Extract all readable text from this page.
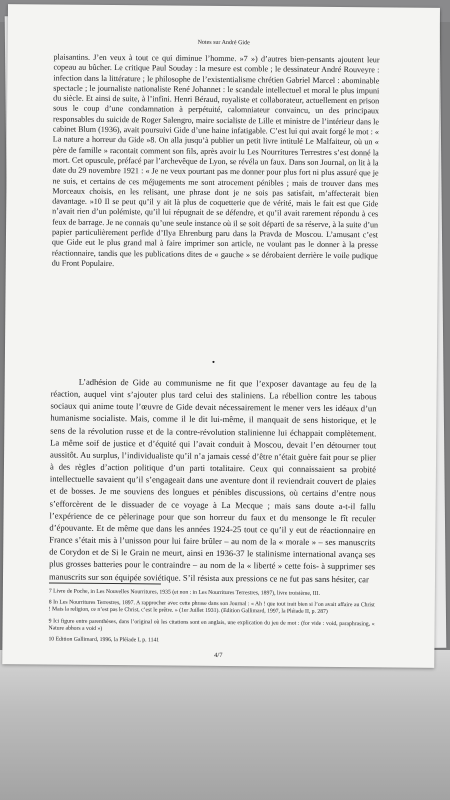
Notes sur André Gide

plaisantins. J’en veux à tout ce qui diminue l’homme. »7 ») d’autres bien-pensants ajoutent leur copeau au bûcher. Le critique Paul Souday : la mesure est comble ; le dessinateur André Rouveyre : infection dans la littérature ; le philosophe de l’existentialisme chrétien Gabriel Marcel : abominable spectacle ; le journaliste nationaliste René Johannet : le scandale intellectuel et moral le plus impuni du siècle. Et ainsi de suite, à l’infini. Henri Béraud, royaliste et collaborateur, actuellement en prison sous le coup d’une condamnation à perpétuité, calomniateur convaincu, un des principaux responsables du suicide de Roger Salengro, maire socialiste de Lille et ministre de l’intérieur dans le cabinet Blum (1936), avait poursuivi Gide d’une haine infatigable. C’est lui qui avait forgé le mot : « La nature a horreur du Gide »8. On alla jusqu’à publier un petit livre intitulé Le Malfaiteur, où un « père de famille » racontait comment son fils, après avoir lu Les Nourritures Terrestres s’est donné la mort. Cet opuscule, préfacé par l’archevêque de Lyon, se révéla un faux. Dans son Journal, on lit à la date du 29 novembre 1921 : « Je ne veux pourtant pas me donner pour plus fort ni plus assuré que je ne suis, et certains de ces méjugements me sont atrocement pénibles ; mais de trouver dans mes Morceaux choisis, en les relisant, une phrase dont je ne sois pas satisfait, m’affecterait bien davantage. »10 Il se peut qu’il y ait là plus de coquetterie que de vérité, mais le fait est que Gide n’avait rien d’un polémiste, qu’il lui répugnait de se défendre, et qu’il avait rarement répondu à ces feux de barrage. Je ne connais qu’une seule instance où il se soit départi de sa réserve, à la suite d’un papier particulièrement perfide d’Ilya Ehrenburg paru dans la Pravda de Moscou. L’amusant c’est que Gide eut le plus grand mal à faire imprimer son article, ne voulant pas le donner à la presse réactionnaire, tandis que les publications dites de « gauche » se dérobaient derrière le voile pudique du Front Populaire.

•

L’adhésion de Gide au communisme ne fit que l’exposer davantage au feu de la réaction, auquel vint s’ajouter plus tard celui des staliniens. La rébellion contre les tabous sociaux qui anime toute l’œuvre de Gide devait nécessairement le mener vers les idéaux d’un humanisme socialiste. Mais, comme il le dit lui-même, il manquait de sens historique, et le sens de la révolution russe et de la contre-révolution stalinienne lui échappait complètement. La même soif de justice et d’équité qui l’avait conduit à Moscou, devait l’en détourner tout aussitôt. Au surplus, l’individualiste qu’il n’a jamais cessé d’être n’était guère fait pour se plier à des règles d’action politique d’un parti totalitaire. Ceux qui connaissaient sa probité intellectuelle savaient qu’il s’engageait dans une aventure dont il reviendrait couvert de plaies et de bosses. Je me souviens des longues et pénibles discussions, où certains d’entre nous s’efforcèrent de le dissuader de ce voyage à La Mecque ; mais sans doute a-t-il fallu l’expérience de ce pèlerinage pour que son horreur du faux et du mensonge le fît reculer d’épouvante. Et de même que dans les années 1924-25 tout ce qu’il y eut de réactionnaire en France s’était mis à l’unisson pour lui faire brûler – au nom de la « morale » – ses manuscrits de Corydon et de Si le Grain ne meurt, ainsi en 1936-37 le stalinisme international avança ses plus grosses batteries pour le contraindre – au nom de la « liberté » cette fois- à supprimer ses manuscrits sur son équipée soviétique. S’il résista aux pressions ce ne fut pas sans hésiter, car

7 Livre de Poche, in Les Nouvelles Nourritures, 1935 (et non : in Les Nourritures Terrestres, 1897), livre troisième, III.

8 In Les Nourritures Terrestres, 1897. A rapprocher avec cette phrase dans son Journal : « Ah ! que tout irait bien si l’on avait affaire au Christ ! Mais la religion, ce n’est pas le Christ, c’est le prêtre. » (1er Juillet 1931). (Edition Gallimard, 1997, la Pléiade II, p. 287)

9 Ici figure entre parenthèses, dans l’original où les citations sont en anglais, une explication du jeu de mot : (for vide : void, paraphrasing, « Nature abhors a void »)

10 Edition Gallimard, 1996, la Pléiade I, p. 1141

4/7
